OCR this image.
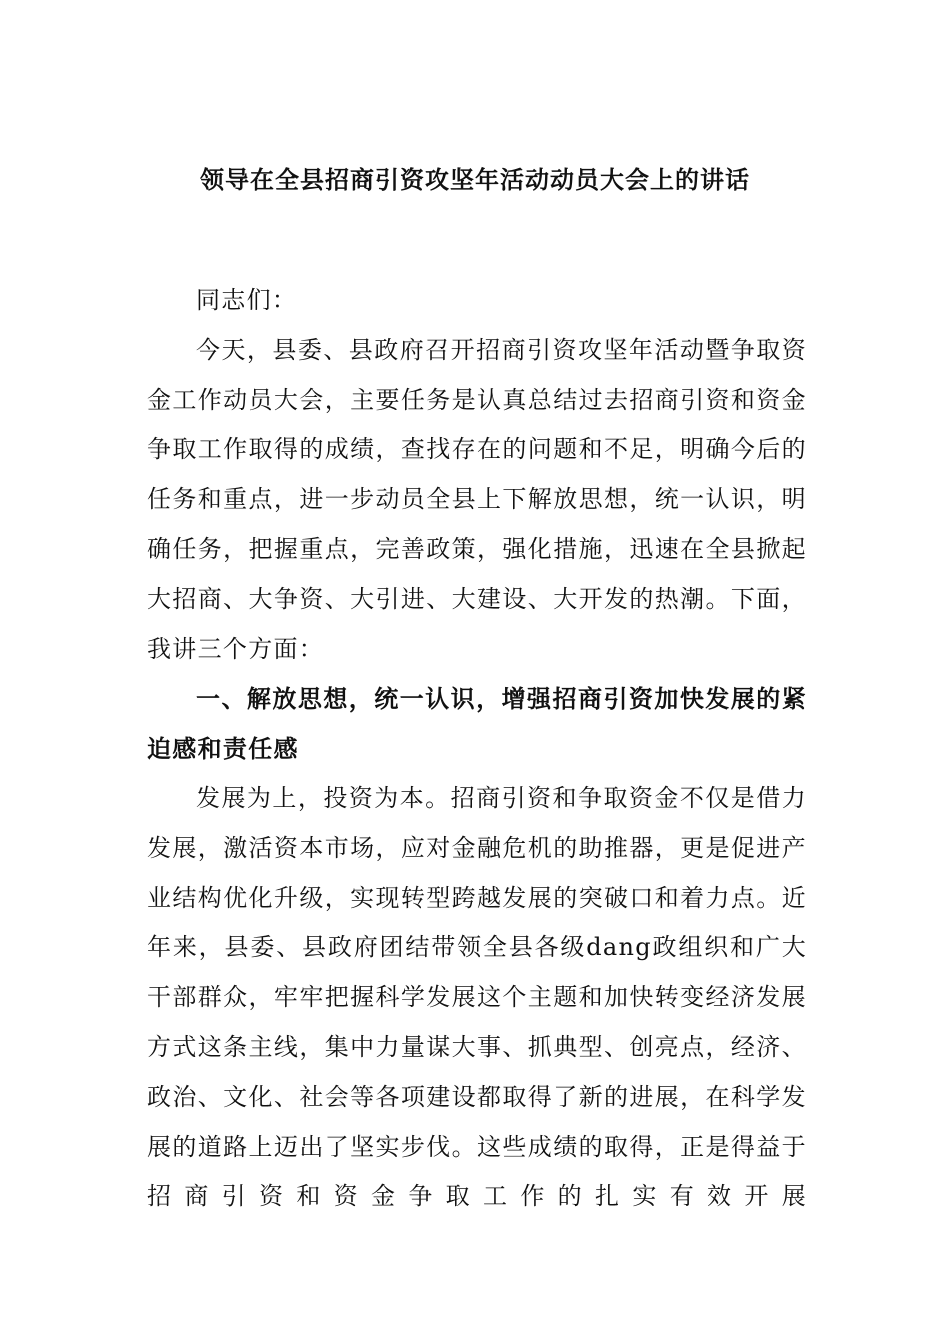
领导在全县招商引资攻坚年活动动员大会上的讲话

同志们：

今天，县委、县政府召开招商引资攻坚年活动暨争取资金工作动员大会，主要任务是认真总结过去招商引资和资金争取工作取得的成绩，查找存在的问题和不足，明确今后的任务和重点，进一步动员全县上下解放思想，统一认识，明确任务，把握重点，完善政策，强化措施，迅速在全县掀起大招商、大争资、大引进、大建设、大开发的热潮。下面，我讲三个方面：

一、解放思想，统一认识，增强招商引资加快发展的紧迫感和责任感

发展为上，投资为本。招商引资和争取资金不仅是借力发展，激活资本市场，应对金融危机的助推器，更是促进产业结构优化升级，实现转型跨越发展的突破口和着力点。近年来，县委、县政府团结带领全县各级dang政组织和广大干部群众，牢牢把握科学发展这个主题和加快转变经济发展方式这条主线，集中力量谋大事、抓典型、创亮点，经济、政治、文化、社会等各项建设都取得了新的进展，在科学发展的道路上迈出了坚实步伐。这些成绩的取得，正是得益于招商引资和资金争取工作的扎实有效开展
